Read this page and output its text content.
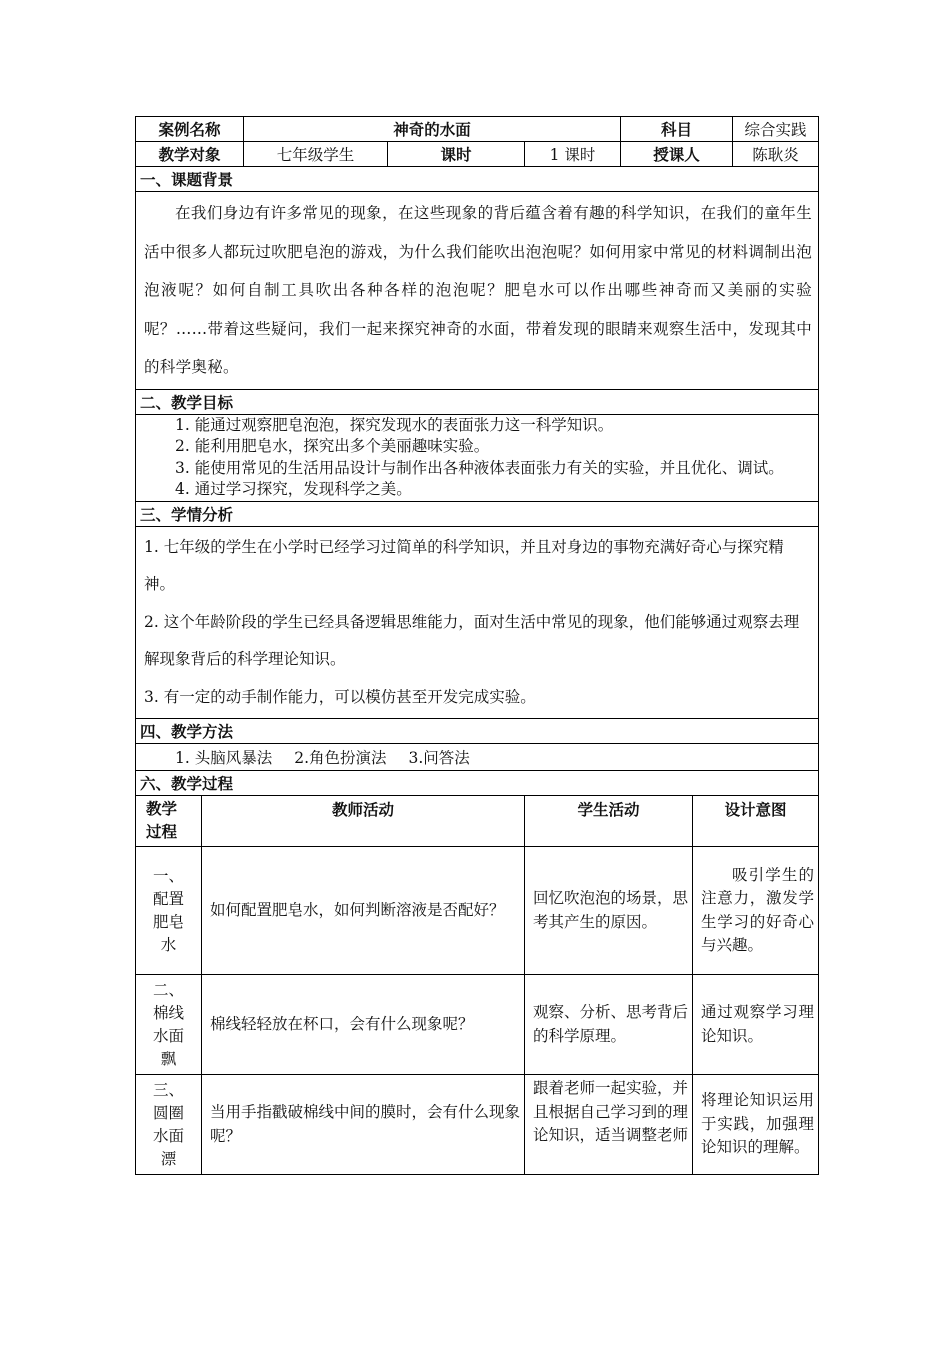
案例名称		神奇的水面			科目		综合实践
教学对象		七年级学生	课时	1 课时	授课人		陈耿炎
一、课题背景							
在我们身边有许多常见的现象，在这些现象的背后蕴含着有趣的科学知识，在我们的童年生活中很多人都玩过吹肥皂泡的游戏，为什么我们能吹出泡泡呢？如何用家中常见的材料调制出泡泡液呢？如何自制工具吹出各种各样的泡泡呢？肥皂水可以作出哪些神奇而又美丽的实验呢？……带着这些疑问，我们一起来探究神奇的水面，带着发现的眼睛来观察生活中，发现其中的科学奥秘。							
二、教学目标							

1. 能通过观察肥皂泡泡，探究发现水的表面张力这一科学知识。
2. 能利用肥皂水，探究出多个美丽趣味实验。
3. 能使用常见的生活用品设计与制作出各种液体表面张力有关的实验，并且优化、调试。
4. 通过学习探究，发现科学之美。							

三、学情分析							

1. 七年级的学生在小学时已经学习过简单的科学知识，并且对身边的事物充满好奇心与探究精神。
2. 这个年龄阶段的学生已经具备逻辑思维能力，面对生活中常见的现象，他们能够通过观察去理解现象背后的科学理论知识。
3. 有一定的动手制作能力，可以模仿甚至开发完成实验。							

四、教学方法							
1. 头脑风暴法 2.角色扮演法 3.问答法							
六、教学过程							
教学过程	教师活动			学生活动		设计意图	
一、配置肥皂水	如何配置肥皂水，如何判断溶液是否配好？			回忆吹泡泡的场景，思考其产生的原因。		吸引学生的注意力，激发学生学习的好奇心与兴趣。	
二、棉线水面飘	棉线轻轻放在杯口，会有什么现象呢？			观察、分析、思考背后的科学原理。		通过观察学习理论知识。	
三、圆圈水面漂	当用手指戳破棉线中间的膜时，会有什么现象呢？			跟着老师一起实验，并且根据自己学习到的理论知识，适当调整老师		将理论知识运用于实践，加强理论知识的理解。	
